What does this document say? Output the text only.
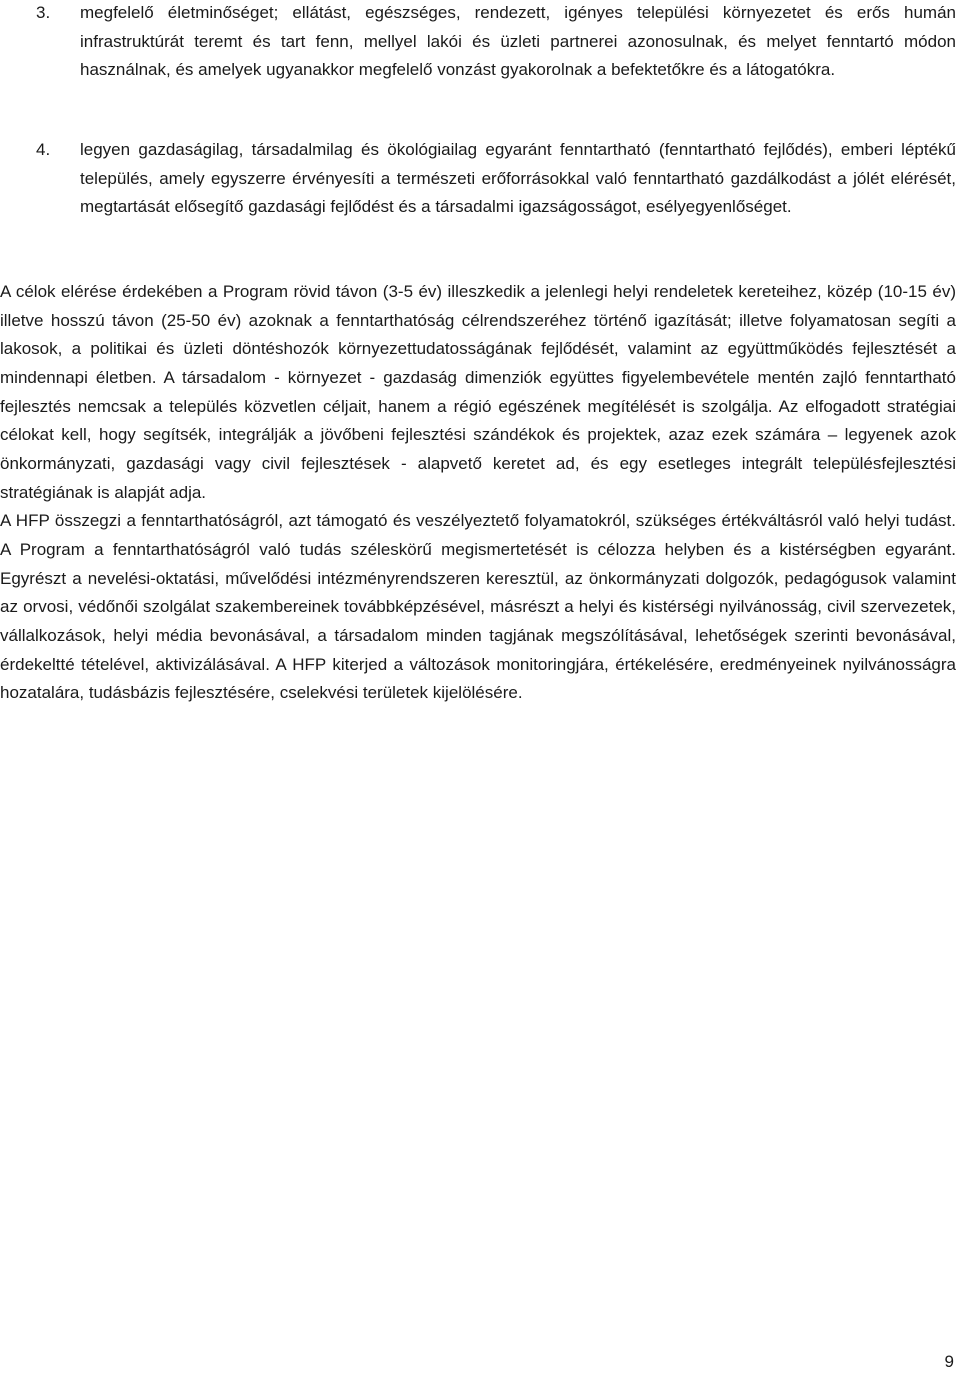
3.	megfelelő életminőséget; ellátást, egészséges, rendezett, igényes települési környezetet és erős humán infrastruktúrát teremt és tart fenn, mellyel lakói és üzleti partnerei azonosulnak, és melyet fenntartó módon használnak, és amelyek ugyanakkor megfelelő vonzást gyakorolnak a befektetőkre és a látogatókra.
4.	legyen gazdaságilag, társadalmilag és ökológiailag egyaránt fenntartható (fenntartható fejlődés), emberi léptékű település, amely egyszerre érvényesíti a természeti erőforrásokkal való fenntartható gazdálkodást a jólét elérését, megtartását elősegítő gazdasági fejlődést és a társadalmi igazságosságot, esélyegyenlőséget.

A célok elérése érdekében a Program rövid távon (3-5 év) illeszkedik a jelenlegi helyi rendeletek kereteihez, közép (10-15 év) illetve hosszú távon (25-50 év) azoknak a fenntarthatóság célrendszeréhez történő igazítását; illetve folyamatosan segíti a lakosok, a politikai és üzleti döntéshozók környezettudatosságának fejlődését, valamint az együttműködés fejlesztését a mindennapi életben. A társadalom - környezet - gazdaság dimenziók együttes figyelembevétele mentén zajló fenntartható fejlesztés nemcsak a település közvetlen céljait, hanem a régió egészének megítélését is szolgálja. Az elfogadott stratégiai célokat kell, hogy segítsék, integrálják a jövőbeni fejlesztési szándékok és projektek, azaz ezek számára – legyenek azok önkormányzati, gazdasági vagy civil fejlesztések - alapvető keretet ad, és egy esetleges integrált településfejlesztési stratégiának is alapját adja.

A HFP összegzi a fenntarthatóságról, azt támogató és veszélyeztető folyamatokról, szükséges értékváltásról való helyi tudást. A Program a fenntarthatóságról való tudás széleskörű megismertetését is célozza helyben és a kistérségben egyaránt. Egyrészt a nevelési-oktatási, művelődési intézményrendszeren keresztül, az önkormányzati dolgozók, pedagógusok valamint az orvosi, védőnői szolgálat szakembereinek továbbképzésével, másrészt a helyi és kistérségi nyilvánosság, civil szervezetek, vállalkozások, helyi média bevonásával, a társadalom minden tagjának megszólításával, lehetőségek szerinti bevonásával, érdekeltté tételével, aktivizálásával. A HFP kiterjed a változások monitoringjára, értékelésére, eredményeinek nyilvánosságra hozatalára, tudásbázis fejlesztésére, cselekvési területek kijelölésére.

9
